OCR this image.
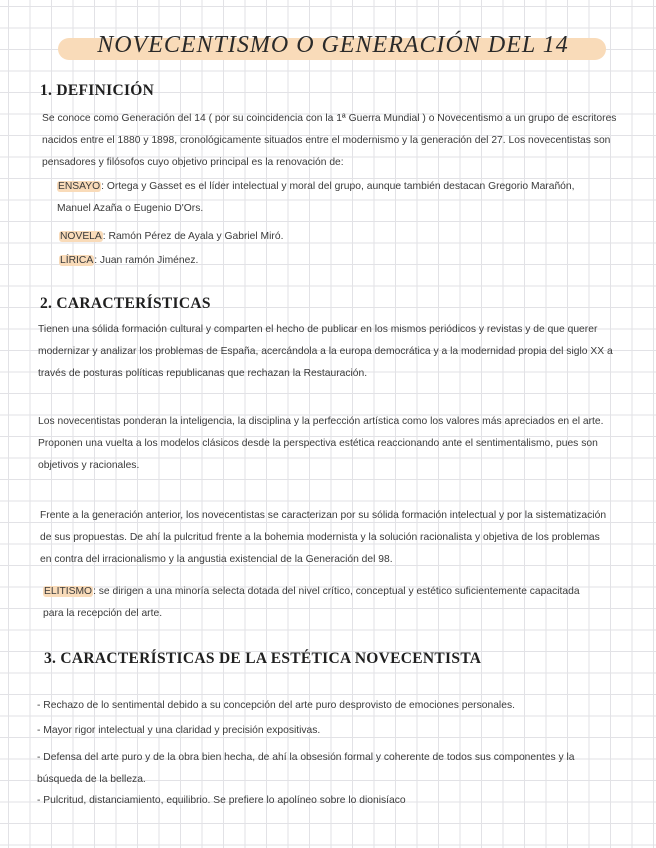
NOVECENTISMO O GENERACIÓN DEL 14
1. DEFINICIÓN
Se conoce como Generación del 14 ( por su coincidencia con la 1ª Guerra Mundial ) o Novecentismo a un grupo de escritores nacidos entre el 1880 y 1898, cronológicamente situados entre el modernismo y la generación del 27. Los novecentistas son pensadores y filósofos cuyo objetivo principal es la renovación de:
ENSAYO: Ortega y Gasset es el líder intelectual y moral del grupo, aunque también destacan Gregorio Marañón, Manuel Azaña o Eugenio D'Ors.
NOVELA: Ramón Pérez de Ayala y Gabriel Miró.
LÍRICA: Juan ramón Jiménez.
2. CARACTERÍSTICAS
Tienen una sólida formación cultural y comparten el hecho de publicar en los mismos periódicos y revistas y de que querer modernizar y analizar los problemas de España, acercándola a la europa democrática y a la modernidad propia del siglo XX a través de posturas políticas republicanas que rechazan la Restauración.
Los novecentistas ponderan la inteligencia, la disciplina y la perfección artística como los valores más apreciados en el arte. Proponen una vuelta a los modelos clásicos desde la perspectiva estética reaccionando ante el sentimentalismo, pues son objetivos y racionales.
Frente a la generación anterior, los novecentistas se caracterizan por su sólida formación intelectual y por la sistematización de sus propuestas. De ahí la pulcritud frente a la bohemia modernista y la solución racionalista y objetiva de los problemas en contra del irracionalismo y la angustia existencial de la Generación del 98.
ELITISMO: se dirigen a una minoría selecta dotada del nivel crítico, conceptual y estético suficientemente capacitada para la recepción del arte.
3. CARACTERÍSTICAS DE LA ESTÉTICA NOVECENTISTA
- Rechazo de lo sentimental debido a su concepción del arte puro desprovisto de emociones personales.
- Mayor rigor intelectual y una claridad y precisión expositivas.
- Defensa del arte puro y de la obra bien hecha, de ahí la obsesión formal y coherente de todos sus componentes y la búsqueda de la belleza.
- Pulcritud, distanciamiento, equilibrio. Se prefiere lo apolíneo sobre lo dionisíaco
